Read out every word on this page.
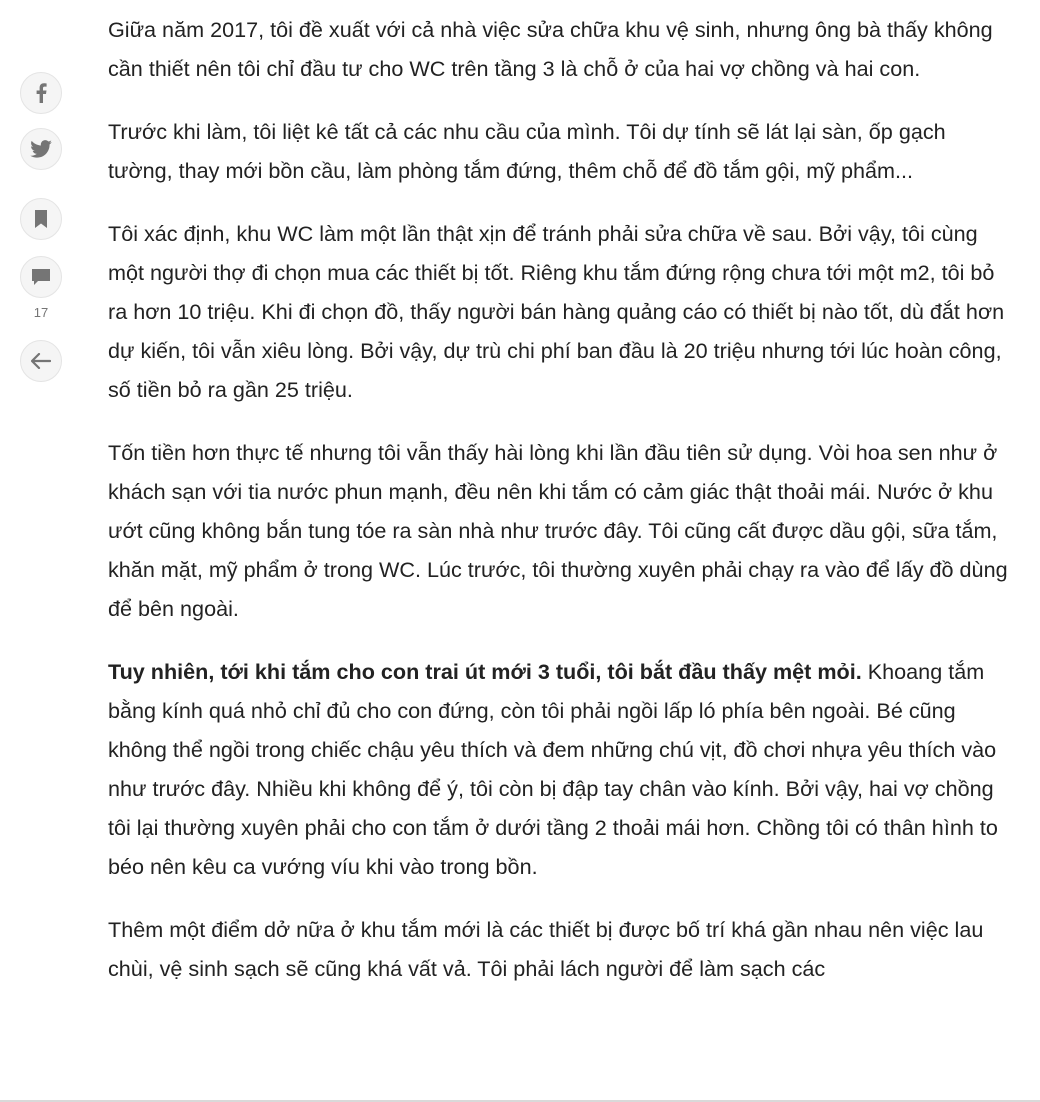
17

Giữa năm 2017, tôi đề xuất với cả nhà việc sửa chữa khu vệ sinh, nhưng ông bà thấy không cần thiết nên tôi chỉ đầu tư cho WC trên tầng 3 là chỗ ở của hai vợ chồng và hai con.

Trước khi làm, tôi liệt kê tất cả các nhu cầu của mình. Tôi dự tính sẽ lát lại sàn, ốp gạch tường, thay mới bồn cầu, làm phòng tắm đứng, thêm chỗ để đồ tắm gội, mỹ phẩm...

Tôi xác định, khu WC làm một lần thật xịn để tránh phải sửa chữa về sau. Bởi vậy, tôi cùng một người thợ đi chọn mua các thiết bị tốt. Riêng khu tắm đứng rộng chưa tới một m2, tôi bỏ ra hơn 10 triệu. Khi đi chọn đồ, thấy người bán hàng quảng cáo có thiết bị nào tốt, dù đắt hơn dự kiến, tôi vẫn xiêu lòng. Bởi vậy, dự trù chi phí ban đầu là 20 triệu nhưng tới lúc hoàn công, số tiền bỏ ra gần 25 triệu.

Tốn tiền hơn thực tế nhưng tôi vẫn thấy hài lòng khi lần đầu tiên sử dụng. Vòi hoa sen như ở khách sạn với tia nước phun mạnh, đều nên khi tắm có cảm giác thật thoải mái. Nước ở khu ướt cũng không bắn tung tóe ra sàn nhà như trước đây. Tôi cũng cất được dầu gội, sữa tắm, khăn mặt, mỹ phẩm ở trong WC. Lúc trước, tôi thường xuyên phải chạy ra vào để lấy đồ dùng để bên ngoài.

Tuy nhiên, tới khi tắm cho con trai út mới 3 tuổi, tôi bắt đầu thấy mệt mỏi. Khoang tắm bằng kính quá nhỏ chỉ đủ cho con đứng, còn tôi phải ngồi lấp ló phía bên ngoài. Bé cũng không thể ngồi trong chiếc chậu yêu thích và đem những chú vịt, đồ chơi nhựa yêu thích vào như trước đây. Nhiều khi không để ý, tôi còn bị đập tay chân vào kính. Bởi vậy, hai vợ chồng tôi lại thường xuyên phải cho con tắm ở dưới tầng 2 thoải mái hơn. Chồng tôi có thân hình to béo nên kêu ca vướng víu khi vào trong bồn.

Thêm một điểm dở nữa ở khu tắm mới là các thiết bị được bố trí khá gần nhau nên việc lau chùi, vệ sinh sạch sẽ cũng khá vất vả. Tôi phải lách người để làm sạch các
